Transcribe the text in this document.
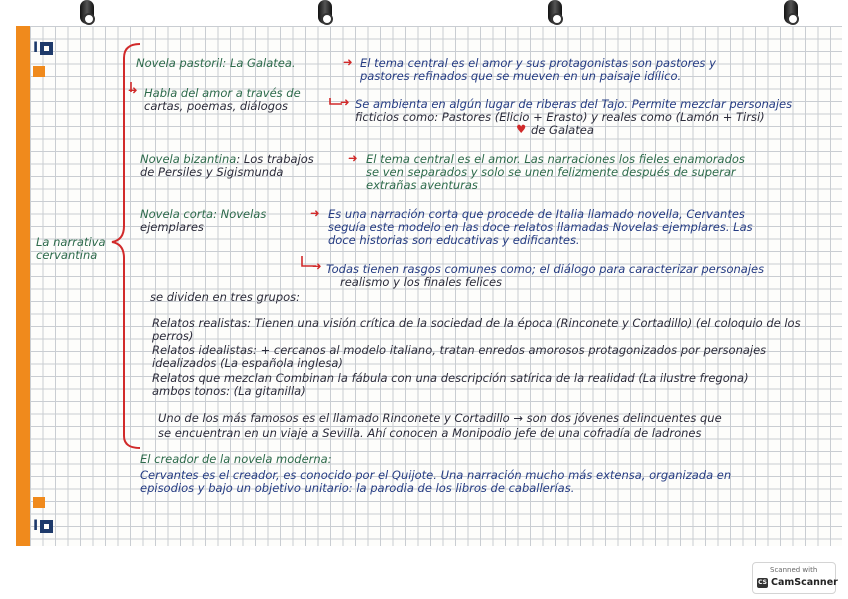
I
I

La narrativa

cervantina

Novela pastoril: La Galatea.	➜ El tema central es el amor y sus protagonistas son pastores y

pastores refinados que se mueven en un paisaje idílico.

➜ Habla del amor a través de

cartas, poemas, diálogos	➜ Se ambienta en algún lugar de riberas del Tajo. Permite mezclar personajes

ficticios como: Pastores (Elicio + Erasto) y reales como (Lamón + Tirsi)

♥ de Galatea

Novela bizantina: Los trabajos

de Persiles y Sigismunda

➜ El tema central es el amor. Las narraciones los fieles enamorados

se ven separados y solo se unen felizmente después de superar

extrañas aventuras

Novela corta: Novelas

ejemplares

➜ Es una narración corta que procede de Italia llamado novella, Cervantes

seguía este modelo en las doce relatos llamadas Novelas ejemplares. Las

doce historias son educativas y edificantes.

➜ Todas tienen rasgos comunes como; el diálogo para caracterizar personajes

realismo y los finales felices

se dividen en tres grupos:

Relatos realistas: Tienen una visión crítica de la sociedad de la época (Rinconete y Cortadillo) (el coloquio de los

perros)

Relatos idealistas: + cercanos al modelo italiano, tratan enredos amorosos protagonizados por personajes

idealizados (La española inglesa)

Relatos que mezclan Combinan la fábula con una descripción satírica de la realidad (La ilustre fregona)

ambos tonos: (La gitanilla)

Uno de los más famosos es el llamado Rinconete y Cortadillo → son dos jóvenes delincuentes que

se encuentran en un viaje a Sevilla. Ahí conocen a Monipodio jefe de una cofradía de ladrones

El creador de la novela moderna:

Cervantes es el creador, es conocido por el Quijote. Una narración mucho más extensa, organizada en

episodios y bajo un objetivo unitario: la parodia de los libros de caballerías.

Scanned with
CS CamScanner
